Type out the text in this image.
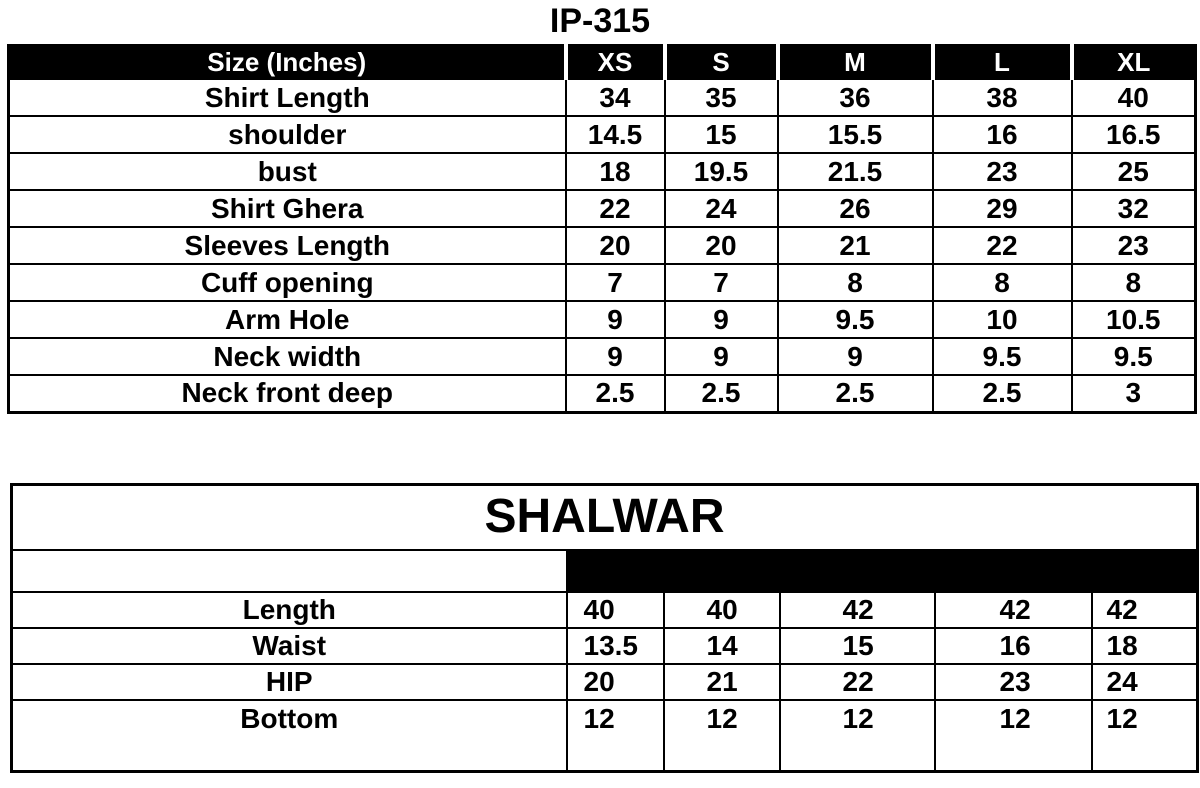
IP-315
Size (Inches)	XS	S	M	L	XL
Shirt Length	34	35	36	38	40
shoulder	14.5	15	15.5	16	16.5
bust	18	19.5	21.5	23	25
Shirt Ghera	22	24	26	29	32
Sleeves Length	20	20	21	22	23
Cuff opening	7	7	8	8	8
Arm Hole	9	9	9.5	10	10.5
Neck width	9	9	9	9.5	9.5
Neck front deep	2.5	2.5	2.5	2.5	3
SHALWAR					

Length	40	40	42	42	42
Waist	13.5	14	15	16	18
HIP	20	21	22	23	24
Bottom	12	12	12	12	12
